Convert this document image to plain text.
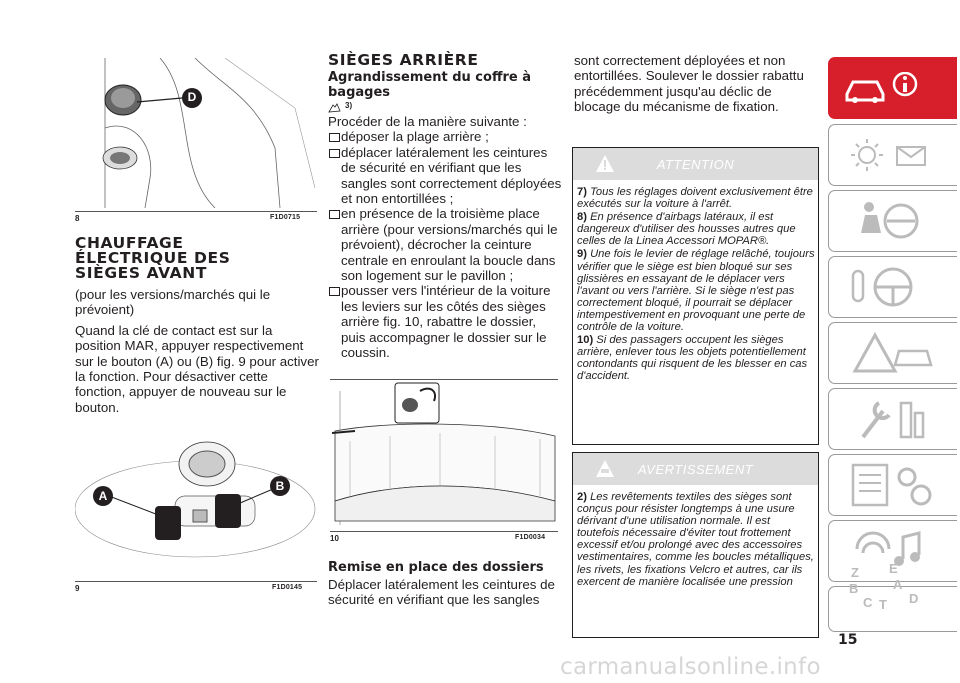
D
8	F1D0715
CHAUFFAGE
ÉLECTRIQUE DES
SIÈGES AVANT

(pour les versions/marchés qui le prévoient)

Quand la clé de contact est sur la position MAR, appuyer respectivement sur le bouton (A) ou (B) fig. 9 pour activer la fonction. Pour désactiver cette fonction, appuyer de nouveau sur le bouton.

A
B
9	F1D0145
SIÈGES ARRIÈRE
Agrandissement du coffre à
bagages
3)

Procéder de la manière suivante :

déposer la plage arrière ;

déplacer latéralement les ceintures de sécurité en vérifiant que les sangles sont correctement déployées et non entortillées ;

en présence de la troisième place arrière (pour versions/marchés qui le prévoient), décrocher la ceinture centrale en enroulant la boucle dans son logement sur le pavillon ;

pousser vers l'intérieur de la voiture les leviers sur les côtés des sièges arrière fig. 10, rabattre le dossier, puis accompagner le dossier sur le coussin.

10	F1D0034
Remise en place des dossiers

Déplacer latéralement les ceintures de sécurité en vérifiant que les sangles

sont correctement déployées et non entortillées. Soulever le dossier rabattu précédemment jusqu'au déclic de blocage du mécanisme de fixation.

ATTENTION
7) Tous les réglages doivent exclusivement être exécutés sur la voiture à l'arrêt.
8) En présence d'airbags latéraux, il est dangereux d'utiliser des housses autres que celles de la Linea Accessori MOPAR®.
9) Une fois le levier de réglage relâché, toujours vérifier que le siège est bien bloqué sur ses glissières en essayant de le déplacer vers l'avant ou vers l'arrière. Si le siège n'est pas correctement bloqué, il pourrait se déplacer intempestivement en provoquant une perte de contrôle de la voiture.
10) Si des passagers occupent les sièges arrière, enlever tous les objets potentiellement contondants qui risquent de les blesser en cas d'accident.
AVERTISSEMENT
2) Les revêtements textiles des sièges sont conçus pour résister longtemps à une usure dérivant d'une utilisation normale. Il est toutefois nécessaire d'éviter tout frottement excessif et/ou prolongé avec des accessoires vestimentaires, comme les boucles métalliques, les rivets, les fixations Velcro et autres, car ils exercent de manière localisée une pression
15
carmanualsonline.info
Z E
B	A
C T D
